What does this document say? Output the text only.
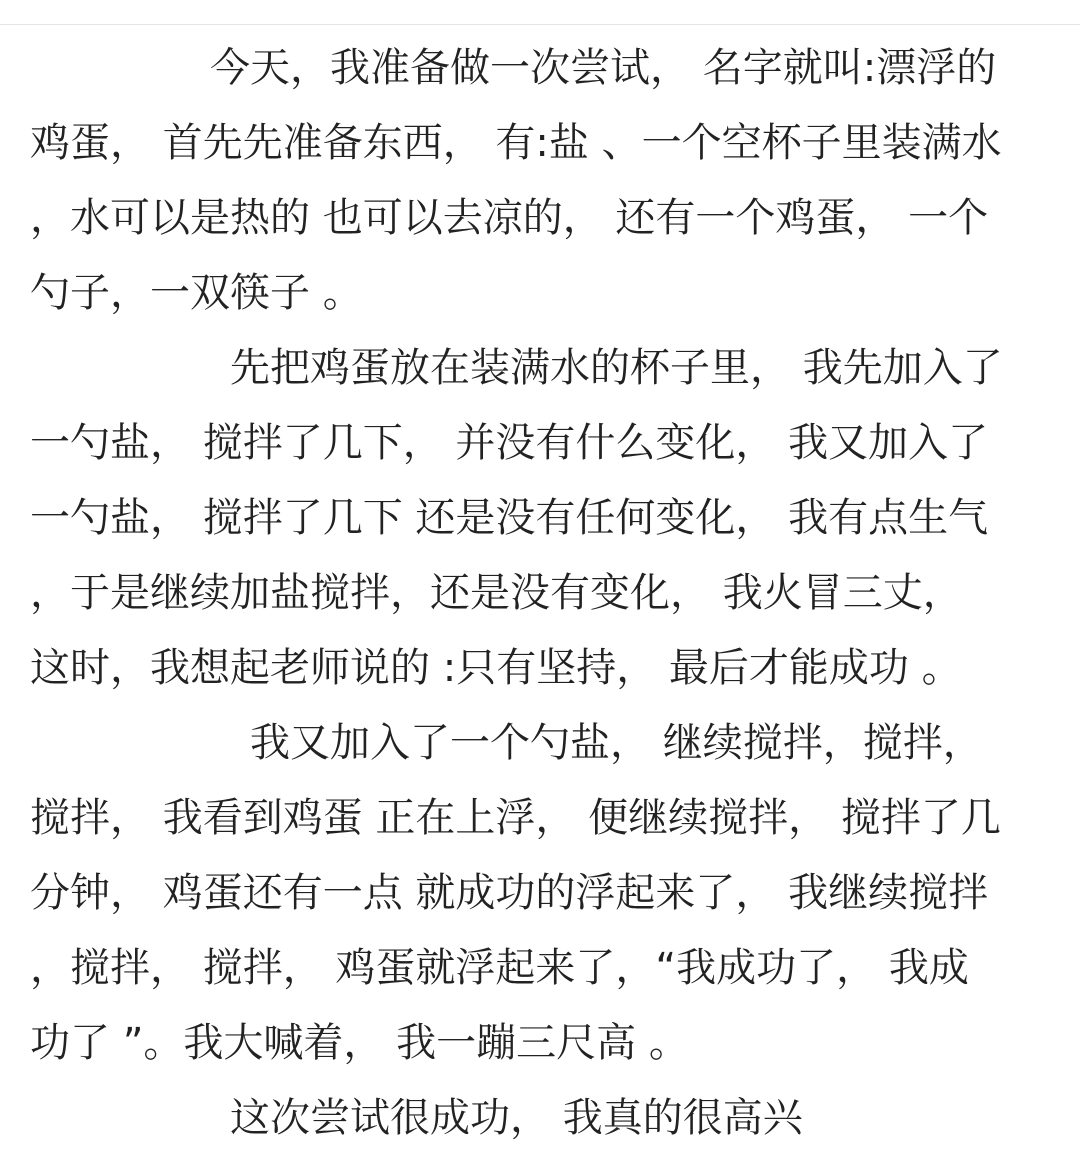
今天，我准备做一次尝试， 名字就叫:漂浮的
鸡蛋， 首先先准备东西， 有:盐 、一个空杯子里装满水
，水可以是热的 也可以去凉的， 还有一个鸡蛋， 一个
勺子，一双筷子 。
先把鸡蛋放在装满水的杯子里， 我先加入了
一勺盐， 搅拌了几下， 并没有什么变化， 我又加入了
一勺盐， 搅拌了几下 还是没有任何变化， 我有点生气
，于是继续加盐搅拌，还是没有变化， 我火冒三丈，
这时，我想起老师说的 :只有坚持， 最后才能成功 。
我又加入了一个勺盐， 继续搅拌，搅拌，
搅拌， 我看到鸡蛋 正在上浮， 便继续搅拌， 搅拌了几
分钟， 鸡蛋还有一点 就成功的浮起来了， 我继续搅拌
，搅拌， 搅拌， 鸡蛋就浮起来了，“我成功了， 我成
功了 ”。我大喊着， 我一蹦三尺高 。
这次尝试很成功， 我真的很高兴
